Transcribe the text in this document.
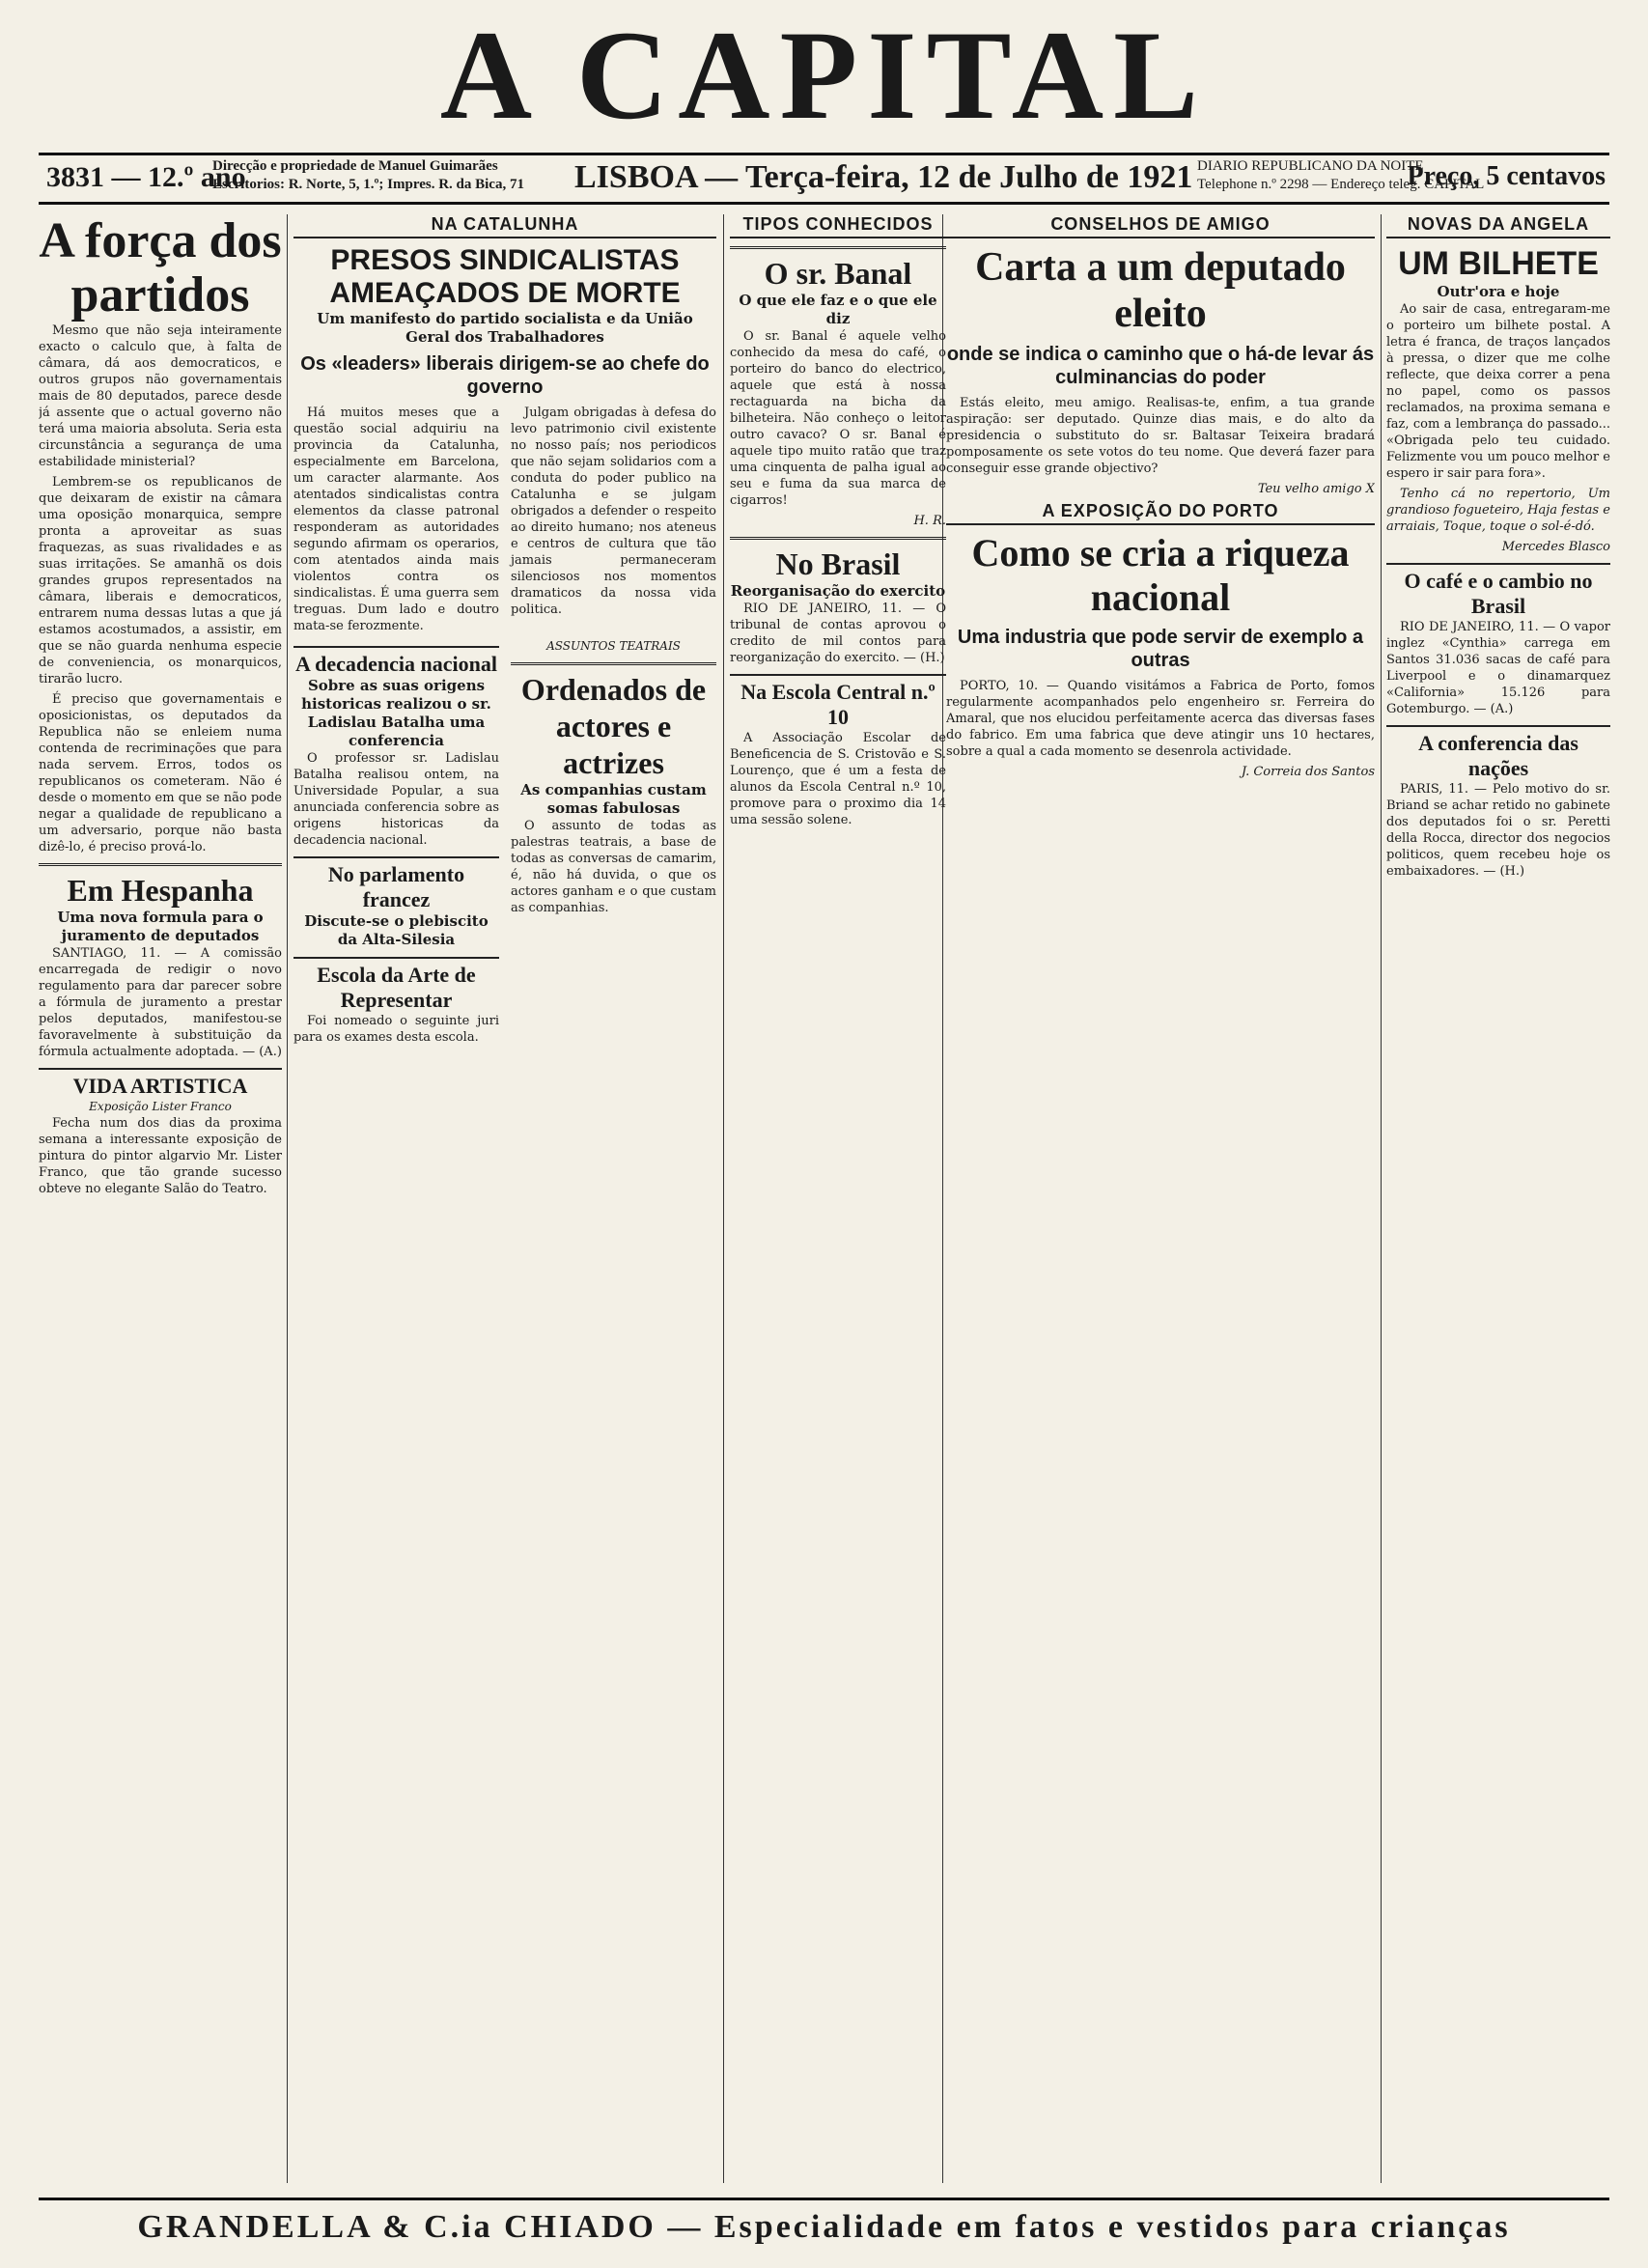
A CAPITAL
3831 — 12.º ano
Direcção e propriedade de Manuel Guimarães
Escritorios: R. Norte, 5, 1.º; Impres. R. da Bica, 71 LISBOA — Terça-feira, 12 de Julho de 1921 DIARIO REPUBLICANO DA NOITE
Telephone n.º 2298 — Endereço teleg. CAPITAL
Preço, 5 centavos
A força dos partidos

Mesmo que não seja inteiramente exacto o calculo que, à falta de câmara, dá aos democraticos, e outros grupos não governamentais mais de 80 deputados, parece desde já assente que o actual governo não terá uma maioria absoluta. Seria esta circunstância a segurança de uma estabilidade ministerial?

Lembrem-se os republicanos de que deixaram de existir na câmara uma oposição monarquica, sempre pronta a aproveitar as suas fraquezas, as suas rivalidades e as suas irritações. Se amanhã os dois grandes grupos representados na câmara, liberais e democraticos, entrarem numa dessas lutas a que já estamos acostumados, a assistir, em que se não guarda nenhuma especie de conveniencia, os monarquicos, tirarão lucro.

É preciso que governamentais e oposicionistas, os deputados da Republica não se enleiem numa contenda de recriminações que para nada servem. Erros, todos os republicanos os cometeram. Não é desde o momento em que se não pode negar a qualidade de republicano a um adversario, porque não basta dizê-lo, é preciso prová-lo.

Em Hespanha
Uma nova formula para o juramento de deputados

SANTIAGO, 11. — A comissão encarregada de redigir o novo regulamento para dar parecer sobre a fórmula de juramento a prestar pelos deputados, manifestou-se favoravelmente à substituição da fórmula actualmente adoptada. — (A.)

VIDA ARTISTICA
Exposição Lister Franco

Fecha num dos dias da proxima semana a interessante exposição de pintura do pintor algarvio Mr. Lister Franco, que tão grande sucesso obteve no elegante Salão do Teatro.

NA CATALUNHA
PRESOS SINDICALISTAS AMEAÇADOS DE MORTE
Um manifesto do partido socialista e da União Geral dos Trabalhadores
Os «leaders» liberais dirigem-se ao chefe do governo

Há muitos meses que a questão social adquiriu na provincia da Catalunha, especialmente em Barcelona, um caracter alarmante. Aos atentados sindicalistas contra elementos da classe patronal responderam as autoridades segundo afirmam os operarios, com atentados ainda mais violentos contra os sindicalistas. É uma guerra sem treguas. Dum lado e doutro mata-se ferozmente.

Julgam obrigadas à defesa do levo patrimonio civil existente no nosso país; nos periodicos que não sejam solidarios com a conduta do poder publico na Catalunha e se julgam obrigados a defender o respeito ao direito humano; nos ateneus e centros de cultura que tão jamais permaneceram silenciosos nos momentos dramaticos da nossa vida politica.

A decadencia nacional
Sobre as suas origens historicas realizou o sr. Ladislau Batalha uma conferencia

O professor sr. Ladislau Batalha realisou ontem, na Universidade Popular, a sua anunciada conferencia sobre as origens historicas da decadencia nacional.

No parlamento francez
Discute-se o plebiscito da Alta-Silesia
Escola da Arte de Representar

Foi nomeado o seguinte juri para os exames desta escola.

ASSUNTOS TEATRAIS
Ordenados de actores e actrizes
As companhias custam somas fabulosas

O assunto de todas as palestras teatrais, a base de todas as conversas de camarim, é, não há duvida, o que os actores ganham e o que custam as companhias.

TIPOS CONHECIDOS
O sr. Banal
O que ele faz e o que ele diz

O sr. Banal é aquele velho conhecido da mesa do café, o porteiro do banco do electrico, aquele que está à nossa rectaguarda na bicha da bilheteira. Não conheço o leitor outro cavaco? O sr. Banal é aquele tipo muito ratão que traz uma cinquenta de palha igual ao seu e fuma da sua marca de cigarros!

H. R.
No Brasil
Reorganisação do exercito

RIO DE JANEIRO, 11. — O tribunal de contas aprovou o credito de mil contos para reorganização do exercito. — (H.)

Na Escola Central n.º 10

A Associação Escolar de Beneficencia de S. Cristovão e S. Lourenço, que é um a festa de alunos da Escola Central n.º 10, promove para o proximo dia 14 uma sessão solene.

CONSELHOS DE AMIGO
Carta a um deputado eleito
onde se indica o caminho que o há-de levar ás culminancias do poder

Estás eleito, meu amigo. Realisas-te, enfim, a tua grande aspiração: ser deputado. Quinze dias mais, e do alto da presidencia o substituto do sr. Baltasar Teixeira bradará pomposamente os sete votos do teu nome. Que deverá fazer para conseguir esse grande objectivo?

Teu velho amigo X
A EXPOSIÇÃO DO PORTO
Como se cria a riqueza nacional
Uma industria que pode servir de exemplo a outras

PORTO, 10. — Quando visitámos a Fabrica de Porto, fomos regularmente acompanhados pelo engenheiro sr. Ferreira do Amaral, que nos elucidou perfeitamente acerca das diversas fases do fabrico. Em uma fabrica que deve atingir uns 10 hectares, sobre a qual a cada momento se desenrola actividade.

J. Correia dos Santos
NOVAS DA ANGELA
UM BILHETE
Outr'ora e hoje

Ao sair de casa, entregaram-me o porteiro um bilhete postal. A letra é franca, de traços lançados à pressa, o dizer que me colhe reflecte, que deixa correr a pena no papel, como os passos reclamados, na proxima semana e faz, com a lembrança do passado... «Obrigada pelo teu cuidado. Felizmente vou um pouco melhor e espero ir sair para fora».

Tenho cá no repertorio, Um grandioso fogueteiro, Haja festas e arraiais, Toque, toque o sol-é-dó.

Mercedes Blasco
O café e o cambio no Brasil

RIO DE JANEIRO, 11. — O vapor inglez «Cynthia» carrega em Santos 31.036 sacas de café para Liverpool e o dinamarquez «California» 15.126 para Gotemburgo. — (A.)

A conferencia das nações

PARIS, 11. — Pelo motivo do sr. Briand se achar retido no gabinete dos deputados foi o sr. Peretti della Rocca, director dos negocios politicos, quem recebeu hoje os embaixadores. — (H.)

GRANDELLA & C.ia CHIADO — Especialidade em fatos e vestidos para crianças
